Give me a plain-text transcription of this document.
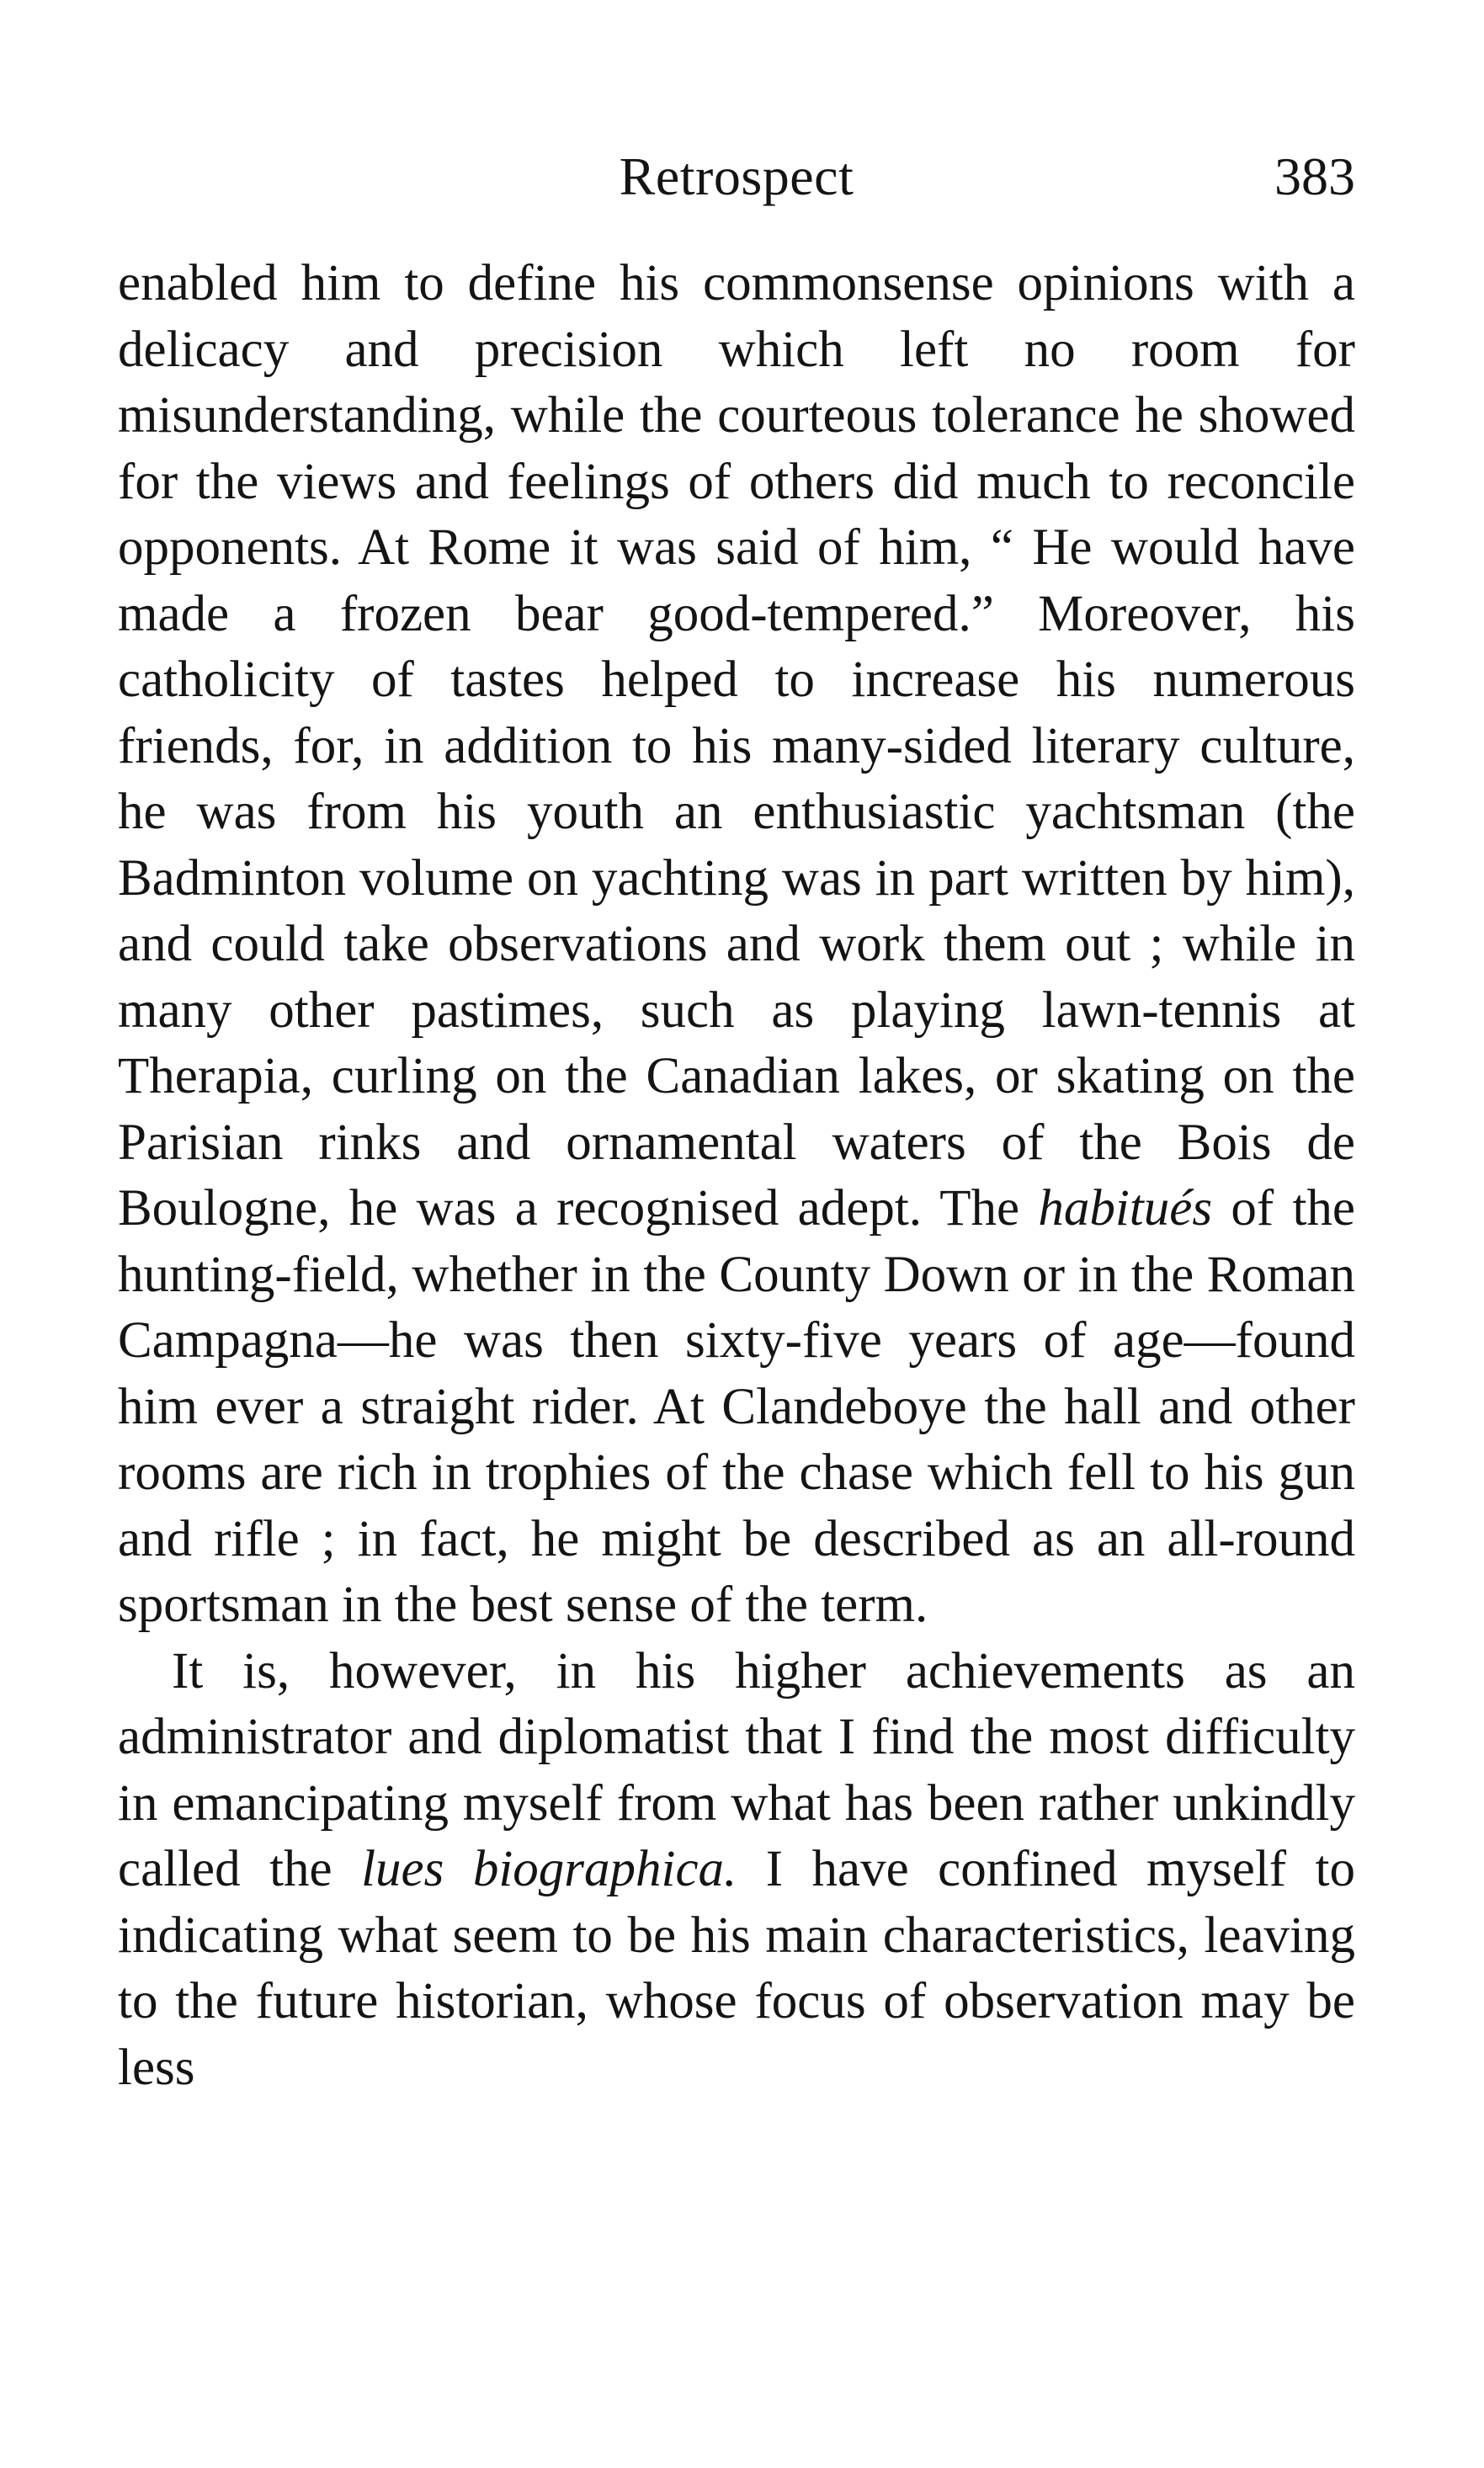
Retrospect	383

enabled him to define his commonsense opinions with a delicacy and precision which left no room for misunderstanding, while the courteous tolerance he showed for the views and feelings of others did much to reconcile opponents. At Rome it was said of him, “ He would have made a frozen bear good-tempered.” Moreover, his catholicity of tastes helped to increase his numerous friends, for, in addition to his many-sided literary culture, he was from his youth an enthusiastic yachtsman (the Badminton volume on yachting was in part written by him), and could take observations and work them out ; while in many other pastimes, such as playing lawn-tennis at Therapia, curling on the Canadian lakes, or skating on the Parisian rinks and ornamental waters of the Bois de Boulogne, he was a recognised adept. The habitués of the hunting-field, whether in the County Down or in the Roman Campagna—he was then sixty-five years of age—found him ever a straight rider. At Clandeboye the hall and other rooms are rich in trophies of the chase which fell to his gun and rifle ; in fact, he might be described as an all-round sportsman in the best sense of the term.

It is, however, in his higher achievements as an administrator and diplomatist that I find the most difficulty in emancipating myself from what has been rather unkindly called the lues biographica. I have confined myself to indicating what seem to be his main characteristics, leaving to the future historian, whose focus of observation may be less
